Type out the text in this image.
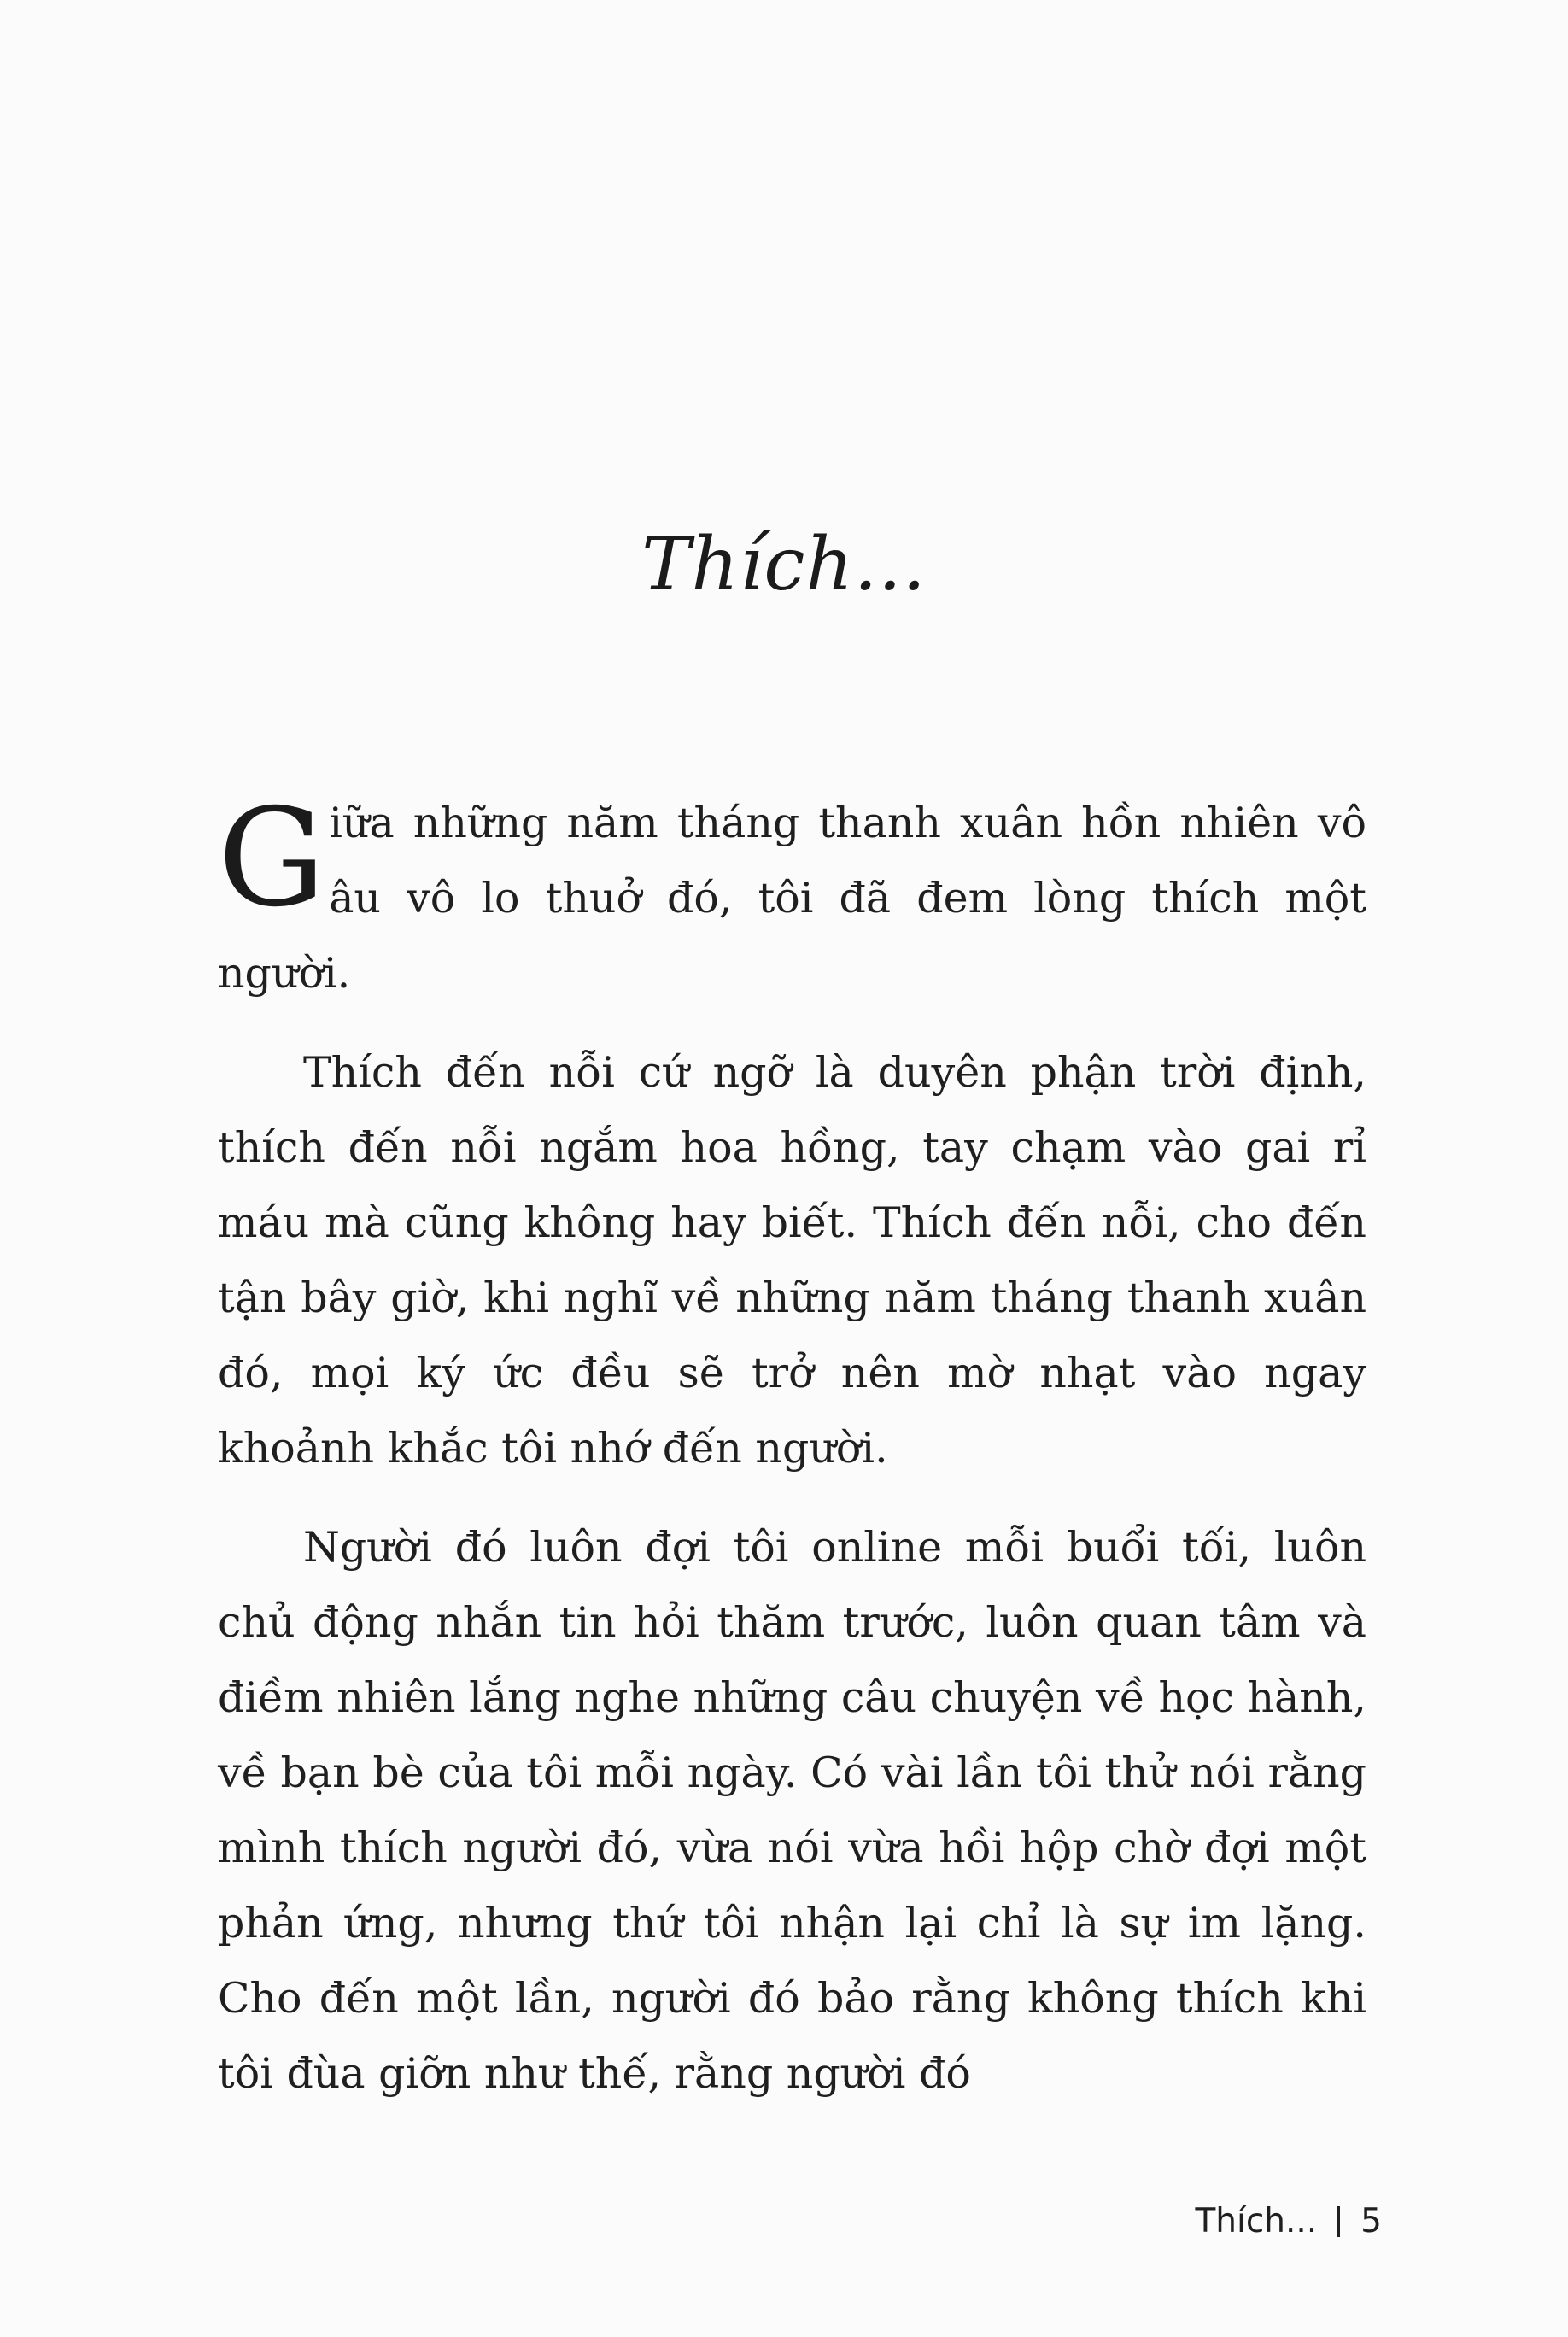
Thích...

Giữa những năm tháng thanh xuân hồn nhiên vô âu vô lo thuở đó, tôi đã đem lòng thích một người.

Thích đến nỗi cứ ngỡ là duyên phận trời định, thích đến nỗi ngắm hoa hồng, tay chạm vào gai rỉ máu mà cũng không hay biết. Thích đến nỗi, cho đến tận bây giờ, khi nghĩ về những năm tháng thanh xuân đó, mọi ký ức đều sẽ trở nên mờ nhạt vào ngay khoảnh khắc tôi nhớ đến người.

Người đó luôn đợi tôi online mỗi buổi tối, luôn chủ động nhắn tin hỏi thăm trước, luôn quan tâm và điềm nhiên lắng nghe những câu chuyện về học hành, về bạn bè của tôi mỗi ngày. Có vài lần tôi thử nói rằng mình thích người đó, vừa nói vừa hồi hộp chờ đợi một phản ứng, nhưng thứ tôi nhận lại chỉ là sự im lặng. Cho đến một lần, người đó bảo rằng không thích khi tôi đùa giỡn như thế, rằng người đó

Thích... 5
